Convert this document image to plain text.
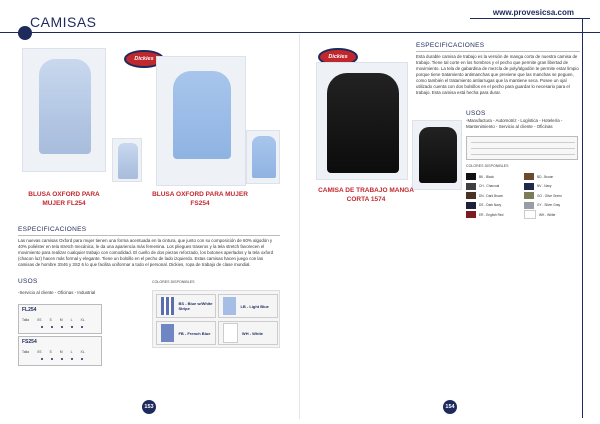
CAMISAS
www.provesicsa.com
BLUSA OXFORD PARA MUJER FL254
Dickies
BLUSA OXFORD PARA MUJER FS254
ESPECIFICACIONES
Las nuevas camisas Oxford para mujer tienen una forma acentuada en la cintura, que junto con su composición de 60% algodón y 40% poliéster en tela stretch mecánica, le da una apariencia más femenina. Los pliegues traseros y la tela stretch favorecen el movimiento para realizar cualquier trabajo con comodidad. El cuello de dos piezas reforzado, los botones aperlados y la tela oxford (chacon luz) hacen más formal y elegante. Tiene un bolsillo en el pecho de lado izquierdo. Estas camisas hacen juego con las camisas de hombre 3S46 y 3S2 6 lo que facilita uniformar a todo el personal. Dickies, ropa de trabajo de clase mundial.
USOS
-Servicio al cliente - Oficinas - Industrial
COLORES DISPONIBLES
BS - Blue w/White Stripe	LB - Light Blue
FB - French Blue	WH - White
FL254
Talla XS S M L XL
FS254
Talla XS S M L XL
153
Dickies
CAMISA DE TRABAJO MANGA CORTA 1574
ESPECIFICACIONES
Esta durable camisa de trabajo es la versión de manga corta de nuestra camisa de trabajo. Tiene tal corte en los hombros y el pecho que permite gran libertad de movimiento. La tela de gabardina de mezcla de poly/algodón te permite estar limpio porque tiene tratamiento antimanchas que previene que las manchas se peguen, como también el tratamiento antiarrugas que la mantiene seca. Posee un ojal utilizado cuenta con dos bolsillos en el pecho para guardar lo necesario para el trabajo. Esta camisa está hecha para durar.
USOS
-Manufactura - Automotriz - Logística - Hotelería -Mantenimiento - Servicio al cliente - Oficinas
COLORES DISPONIBLES
BK - Black	BD - Brown
CH - Charcoal	NV - Navy
DN - Dark Brown	GO - Olive Green
DS - Dark Navy	GY - Silver Gray
ER - English Red	WH - White
154
